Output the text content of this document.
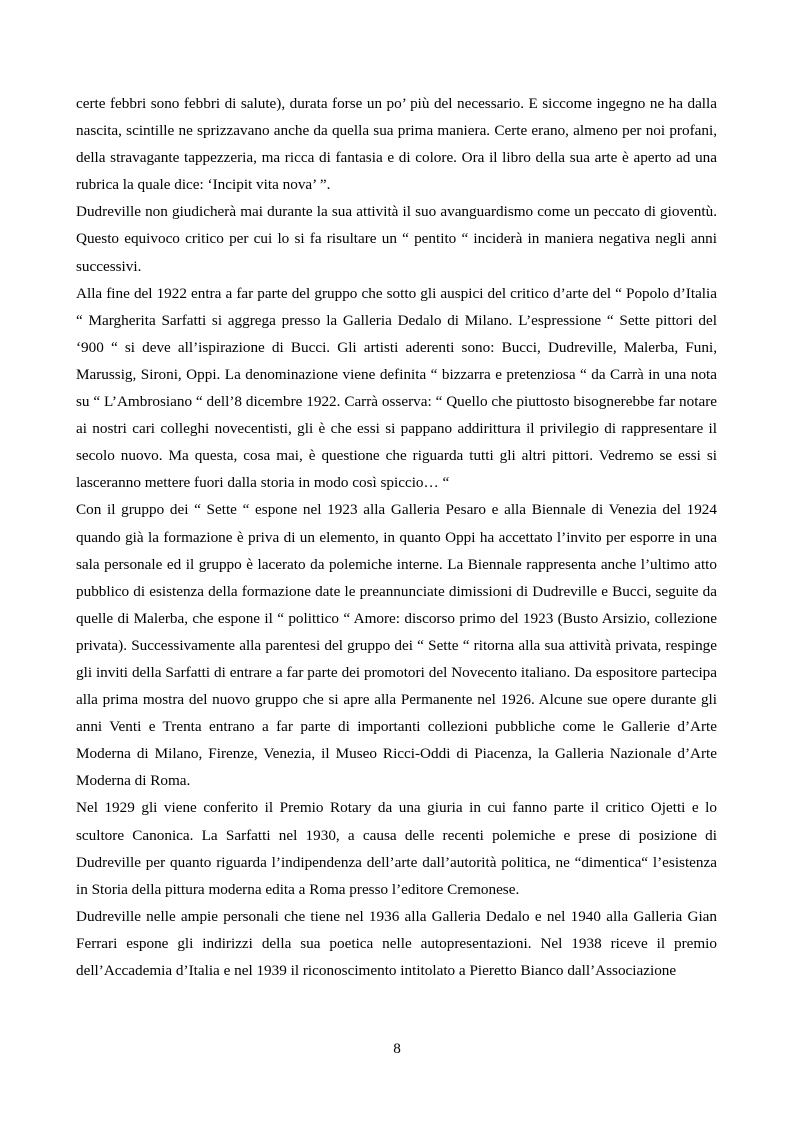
certe febbri sono febbri di salute), durata forse un po’ più del necessario. E siccome ingegno ne ha dalla nascita, scintille ne sprizzavano anche da quella sua prima maniera. Certe erano, almeno per noi profani, della stravagante tappezzeria, ma ricca di fantasia e di colore. Ora il libro della sua arte è aperto ad una rubrica la quale dice: ‘Incipit vita nova’ ”.

Dudreville non giudicherà mai durante la sua attività il suo avanguardismo come un peccato di gioventù. Questo equivoco critico per cui lo si fa risultare un “ pentito “ inciderà in maniera negativa negli anni successivi.

Alla fine del 1922 entra a far parte del gruppo che sotto gli auspici del critico d’arte del “ Popolo d’Italia “ Margherita Sarfatti si aggrega presso la Galleria Dedalo di Milano. L’espressione “ Sette pittori del ‘900 “ si deve all’ispirazione di Bucci. Gli artisti aderenti sono: Bucci, Dudreville, Malerba, Funi, Marussig, Sironi, Oppi. La denominazione viene definita “ bizzarra e pretenziosa “ da Carrà in una nota su “ L’Ambrosiano “ dell’8 dicembre 1922. Carrà osserva: “ Quello che piuttosto bisognerebbe far notare ai nostri cari colleghi novecentisti, gli è che essi si pappano addirittura il privilegio di rappresentare il secolo nuovo. Ma questa, cosa mai, è questione che riguarda tutti gli altri pittori. Vedremo se essi si lasceranno mettere fuori dalla storia in modo così spiccio… “

Con il gruppo dei “ Sette “ espone nel 1923 alla Galleria Pesaro e alla Biennale di Venezia del 1924 quando già la formazione è priva di un elemento, in quanto Oppi ha accettato l’invito per esporre in una sala personale ed il gruppo è lacerato da polemiche interne. La Biennale rappresenta anche l’ultimo atto pubblico di esistenza della formazione date le preannunciate dimissioni di Dudreville e Bucci, seguite da quelle di Malerba, che espone il “ polittico “ Amore: discorso primo del 1923 (Busto Arsizio, collezione privata). Successivamente alla parentesi del gruppo dei “ Sette “ ritorna alla sua attività privata, respinge gli inviti della Sarfatti di entrare a far parte dei promotori del Novecento italiano. Da espositore partecipa alla prima mostra del nuovo gruppo che si apre alla Permanente nel 1926. Alcune sue opere durante gli anni Venti e Trenta entrano a far parte di importanti collezioni pubbliche come le Gallerie d’Arte Moderna di Milano, Firenze, Venezia, il Museo Ricci-Oddi di Piacenza, la Galleria Nazionale d’Arte Moderna di Roma.

Nel 1929 gli viene conferito il Premio Rotary da una giuria in cui fanno parte il critico Ojetti e lo scultore Canonica. La Sarfatti nel 1930, a causa delle recenti polemiche e prese di posizione di Dudreville per quanto riguarda l’indipendenza dell’arte dall’autorità politica, ne “dimentica“ l’esistenza in Storia della pittura moderna edita a Roma presso l’editore Cremonese.

Dudreville nelle ampie personali che tiene nel 1936 alla Galleria Dedalo e nel 1940 alla Galleria Gian Ferrari espone gli indirizzi della sua poetica nelle autopresentazioni. Nel 1938 riceve il premio dell’Accademia d’Italia e nel 1939 il riconoscimento intitolato a Pieretto Bianco dall’Associazione

8
